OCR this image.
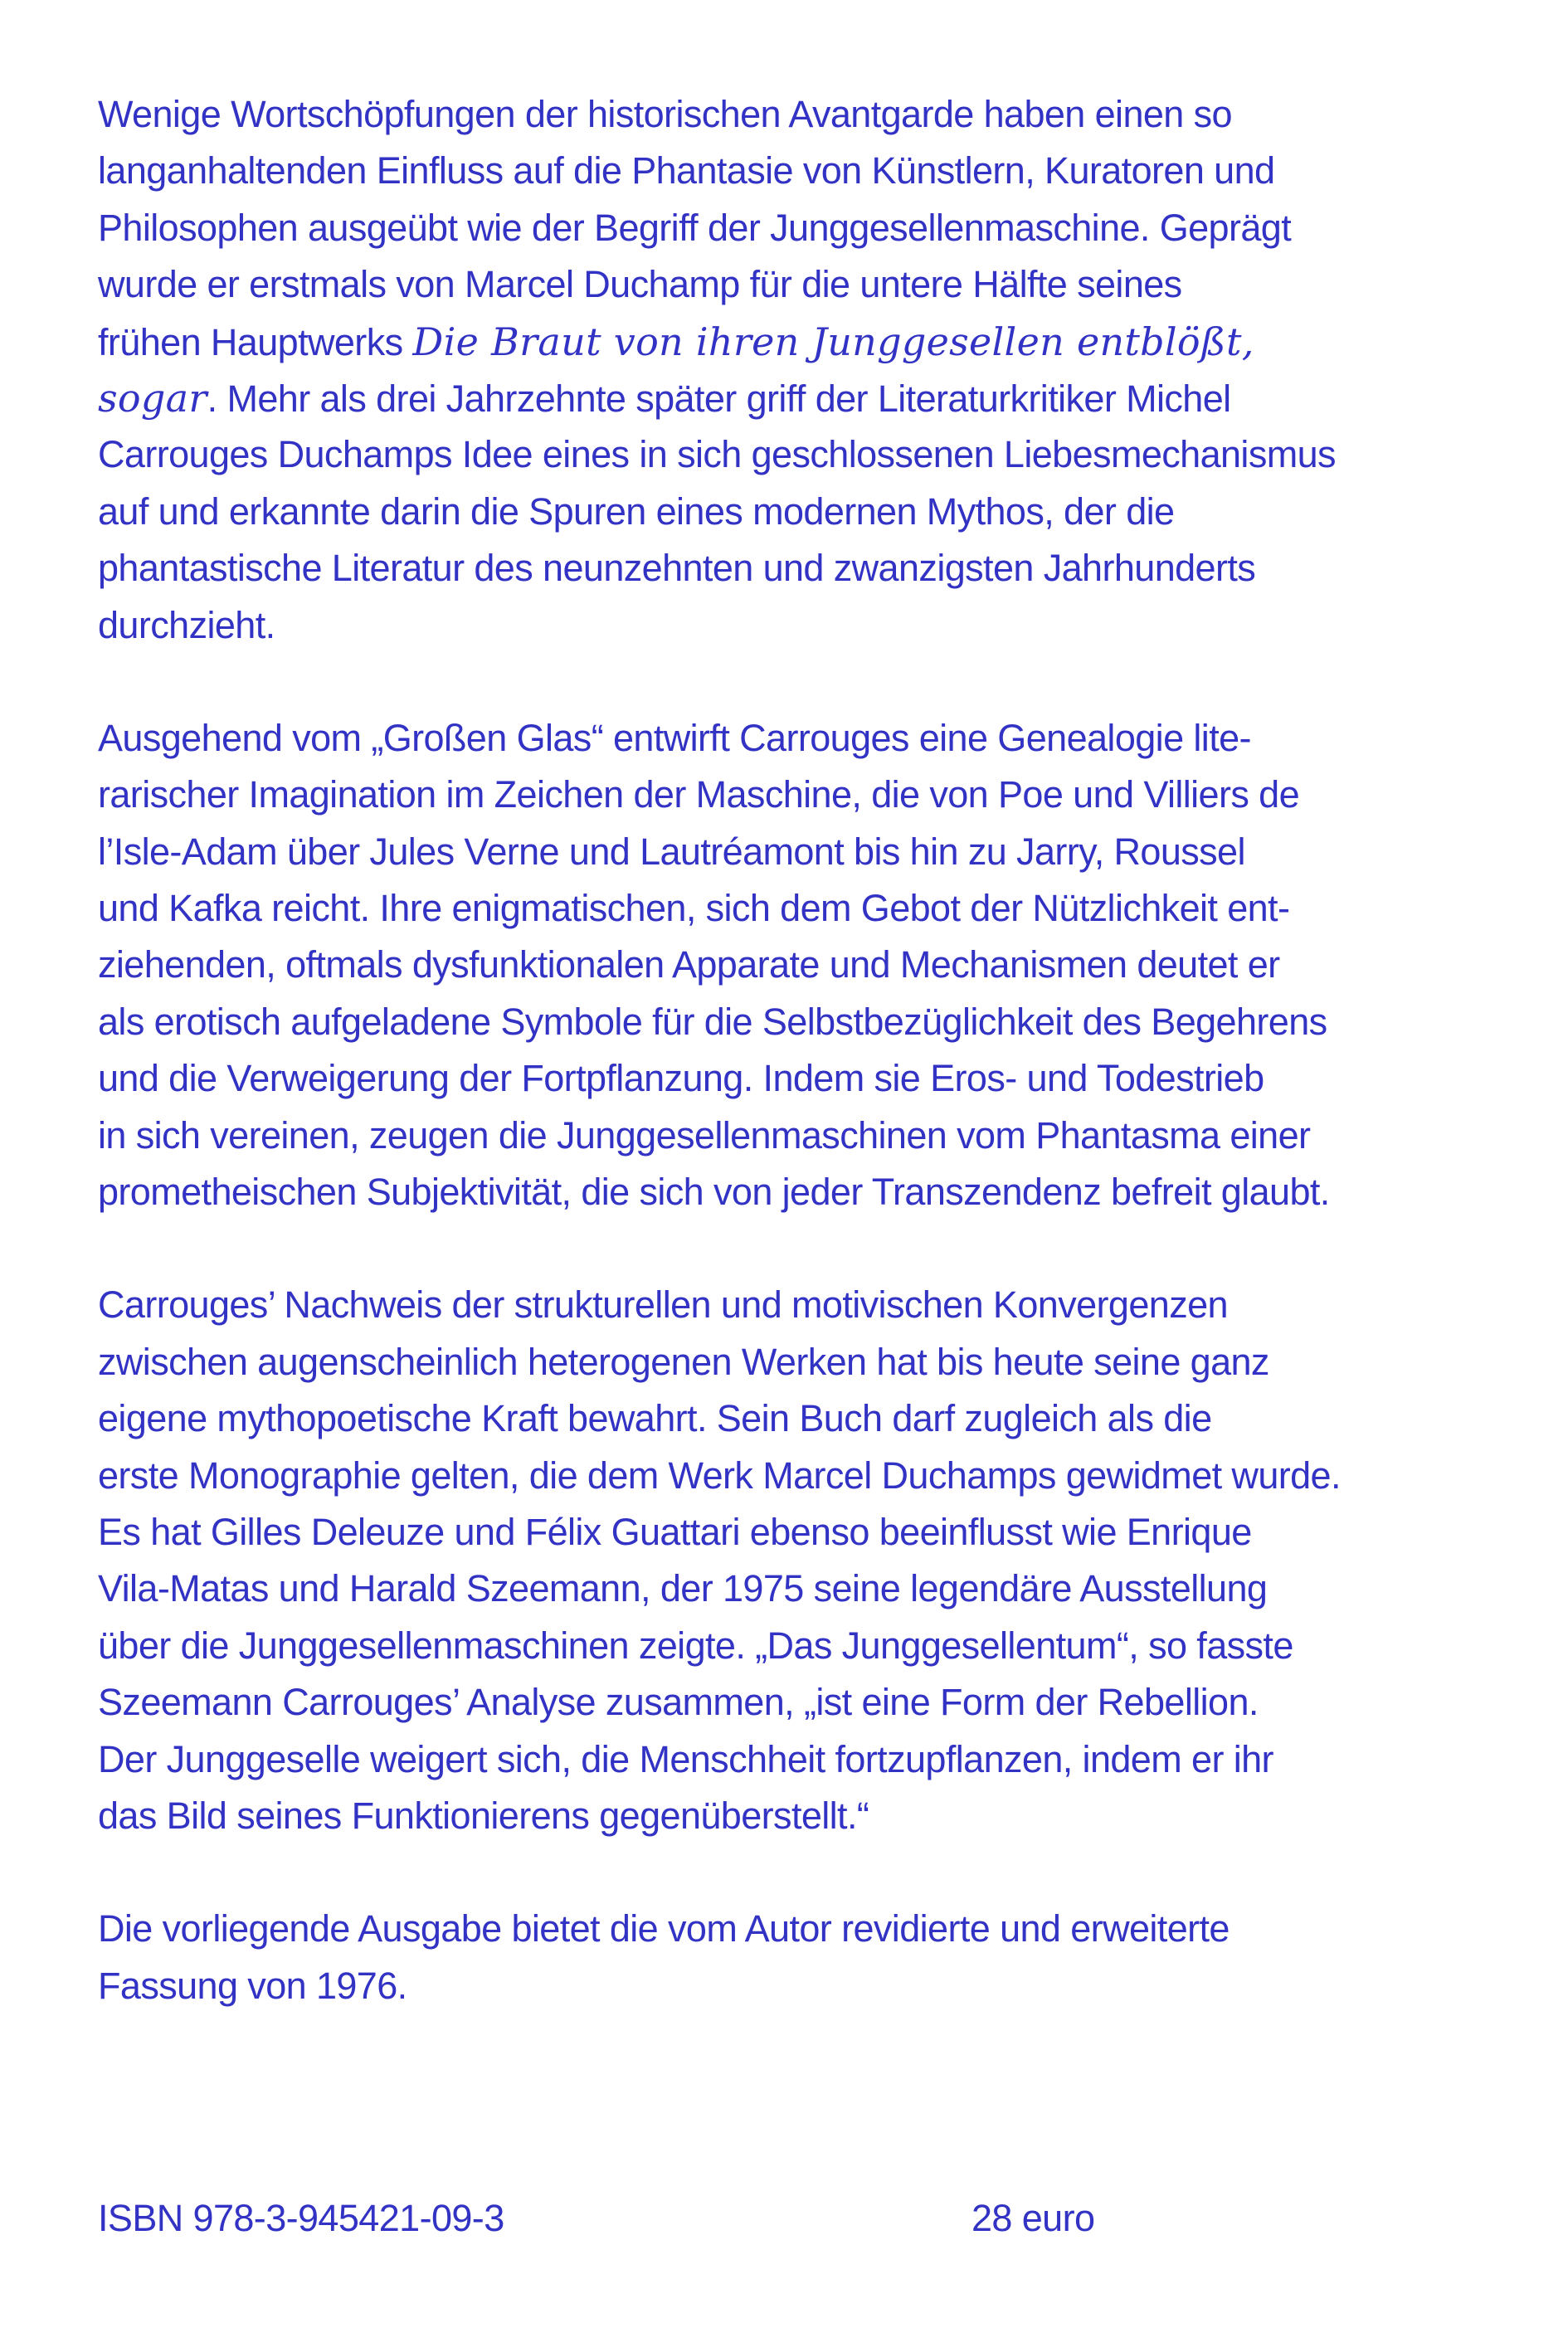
Wenige Wortschöpfungen der historischen Avantgarde haben einen so
langanhaltenden Einfluss auf die Phantasie von Künstlern, Kuratoren und
Philosophen ausgeübt wie der Begriff der Junggesellenmaschine. Geprägt
wurde er erstmals von Marcel Duchamp für die untere Hälfte seines
frühen Hauptwerks Die Braut von ihren Junggesellen entblößt,
sogar. Mehr als drei Jahrzehnte später griff der Literaturkritiker Michel
Carrouges Duchamps Idee eines in sich geschlossenen Liebesmechanismus
auf und erkannte darin die Spuren eines modernen Mythos, der die
phantastische Literatur des neunzehnten und zwanzigsten Jahrhunderts
durchzieht.

Ausgehend vom „Großen Glas“ entwirft Carrouges eine Genealogie lite-
rarischer Imagination im Zeichen der Maschine, die von Poe und Villiers de
l’Isle-Adam über Jules Verne und Lautréamont bis hin zu Jarry, Roussel
und Kafka reicht. Ihre enigmatischen, sich dem Gebot der Nützlichkeit ent-
ziehenden, oftmals dysfunktionalen Apparate und Mechanismen deutet er
als erotisch aufgeladene Symbole für die Selbstbezüglichkeit des Begehrens
und die Verweigerung der Fortpflanzung. Indem sie Eros- und Todestrieb
in sich vereinen, zeugen die Junggesellenmaschinen vom Phantasma einer
prometheischen Subjektivität, die sich von jeder Transzendenz befreit glaubt.

Carrouges’ Nachweis der strukturellen und motivischen Konvergenzen
zwischen augenscheinlich heterogenen Werken hat bis heute seine ganz
eigene mythopoetische Kraft bewahrt. Sein Buch darf zugleich als die
erste Monographie gelten, die dem Werk Marcel Duchamps gewidmet wurde.
Es hat Gilles Deleuze und Félix Guattari ebenso beeinflusst wie Enrique
Vila-Matas und Harald Szeemann, der 1975 seine legendäre Ausstellung
über die Junggesellenmaschinen zeigte. „Das Junggesellentum“, so fasste
Szeemann Carrouges’ Analyse zusammen, „ist eine Form der Rebellion.
Der Junggeselle weigert sich, die Menschheit fortzupflanzen, indem er ihr
das Bild seines Funktionierens gegenüberstellt.“

Die vorliegende Ausgabe bietet die vom Autor revidierte und erweiterte
Fassung von 1976.

ISBN 978-3-945421-09-3	28 euro
